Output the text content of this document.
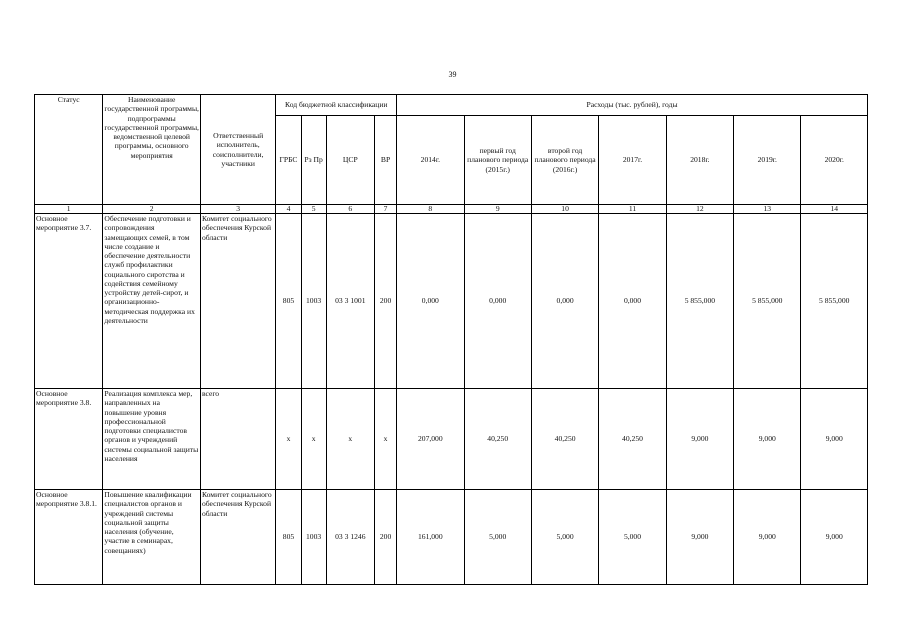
39
Статус	Наименование государственной программы, подпрограммы государственной программы, ведомственной целевой программы, основного мероприятия	Ответственный исполнитель, соисполнители, участники	Код бюджетной классификации				Расходы (тыс. рублей), годы						
			ГРБС	Рз Пр	ЦСР	ВР	2014г.	первый год планового периода (2015г.)	второй год планового периода (2016г.)	2017г.	2018г.	2019г.	2020г.
1	2	3	4	5	6	7	8	9	10	11	12	13	14
Основное мероприятие 3.7.	Обеспечение подготовки и сопровождения замещающих семей, в том числе создание и обеспечение деятельности служб профилактики социального сиротства и содействия семейному устройству детей-сирот, и организационно-методическая поддержка их деятельности	Комитет социального обеспечения Курской области	805	1003	03 3 1001	200	0,000	0,000	0,000	0,000	5 855,000	5 855,000	5 855,000
Основное мероприятие 3.8.	Реализация комплекса мер, направленных на повышение уровня профессиональной подготовки специалистов органов и учреждений системы социальной защиты населения	всего	х	х	х	х	207,000	40,250	40,250	40,250	9,000	9,000	9,000
Основное мероприятие 3.8.1.	Повышение квалификации специалистов органов и учреждений системы социальной защиты населения (обучение, участие в семинарах, совещаниях)	Комитет социального обеспечения Курской области	805	1003	03 3 1246	200	161,000	5,000	5,000	5,000	9,000	9,000	9,000
